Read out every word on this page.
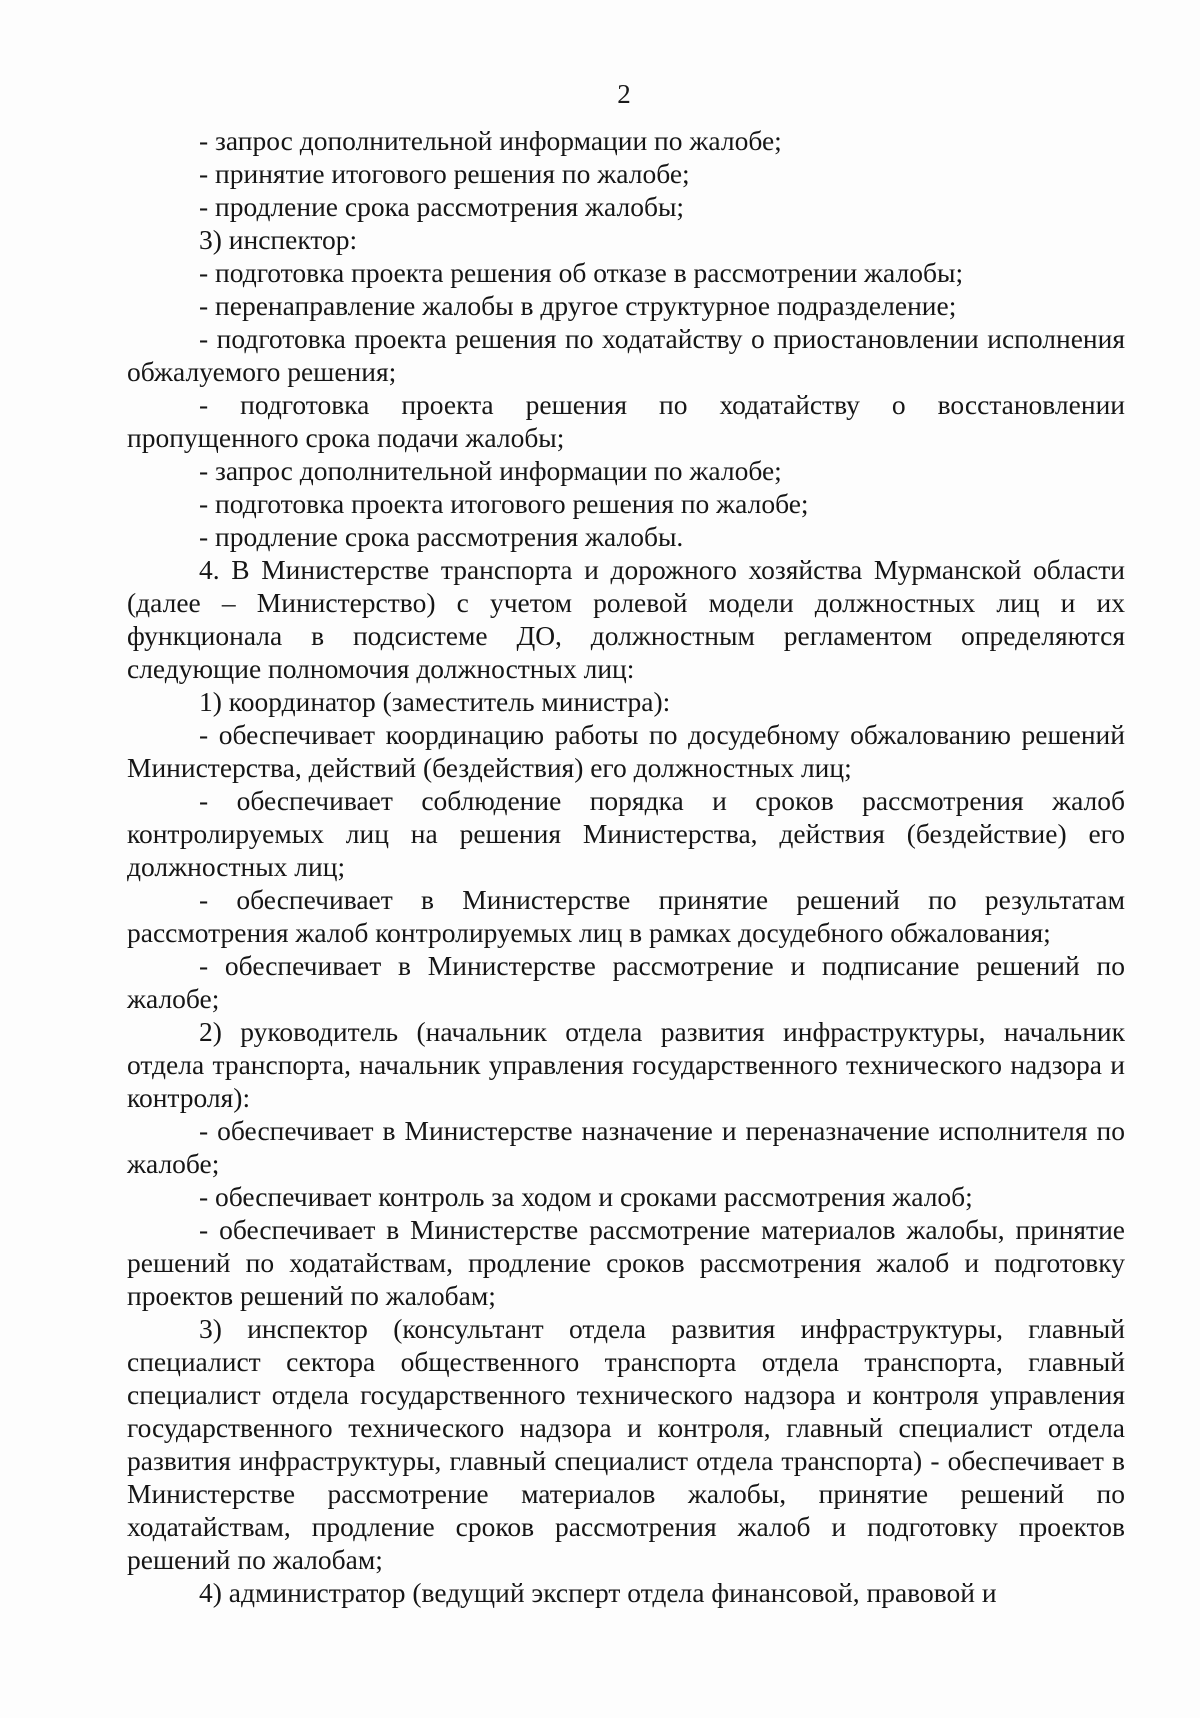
2

- запрос дополнительной информации по жалобе;

- принятие итогового решения по жалобе;

- продление срока рассмотрения жалобы;

3) инспектор:

- подготовка проекта решения об отказе в рассмотрении жалобы;

- перенаправление жалобы в другое структурное подразделение;

- подготовка проекта решения по ходатайству о приостановлении исполнения обжалуемого решения;

- подготовка проекта решения по ходатайству о восстановлении пропущенного срока подачи жалобы;

- запрос дополнительной информации по жалобе;

- подготовка проекта итогового решения по жалобе;

- продление срока рассмотрения жалобы.

4. В Министерстве транспорта и дорожного хозяйства Мурманской области (далее – Министерство) с учетом ролевой модели должностных лиц и их функционала в подсистеме ДО, должностным регламентом определяются следующие полномочия должностных лиц:

1) координатор (заместитель министра):

- обеспечивает координацию работы по досудебному обжалованию решений Министерства, действий (бездействия) его должностных лиц;

- обеспечивает соблюдение порядка и сроков рассмотрения жалоб контролируемых лиц на решения Министерства, действия (бездействие) его должностных лиц;

- обеспечивает в Министерстве принятие решений по результатам рассмотрения жалоб контролируемых лиц в рамках досудебного обжалования;

- обеспечивает в Министерстве рассмотрение и подписание решений по жалобе;

2) руководитель (начальник отдела развития инфраструктуры, начальник отдела транспорта, начальник управления государственного технического надзора и контроля):

- обеспечивает в Министерстве назначение и переназначение исполнителя по жалобе;

- обеспечивает контроль за ходом и сроками рассмотрения жалоб;

- обеспечивает в Министерстве рассмотрение материалов жалобы, принятие решений по ходатайствам, продление сроков рассмотрения жалоб и подготовку проектов решений по жалобам;

3) инспектор (консультант отдела развития инфраструктуры, главный специалист сектора общественного транспорта отдела транспорта, главный специалист отдела государственного технического надзора и контроля управления государственного технического надзора и контроля, главный специалист отдела развития инфраструктуры, главный специалист отдела транспорта) - обеспечивает в Министерстве рассмотрение материалов жалобы, принятие решений по ходатайствам, продление сроков рассмотрения жалоб и подготовку проектов решений по жалобам;

4) администратор (ведущий эксперт отдела финансовой, правовой и
